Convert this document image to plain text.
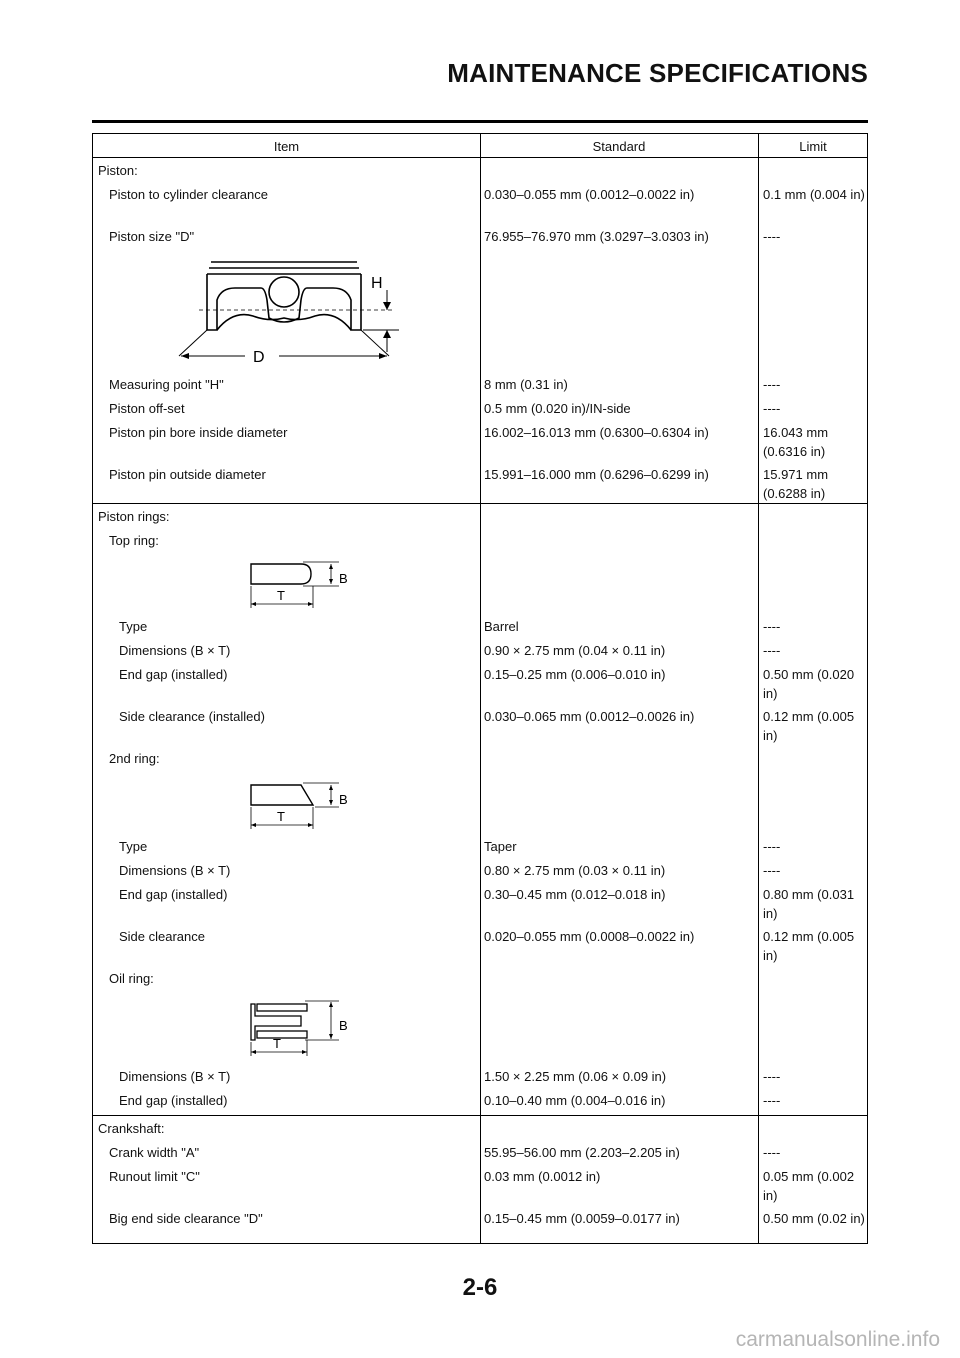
MAINTENANCE SPECIFICATIONS
Item	Standard	Limit
Piston:
Piston to cylinder clearance	0.030–0.055 mm (0.0012–0.0022 in)	0.1 mm (0.004 in)
Piston size "D"	76.955–76.970 mm (3.0297–3.0303 in)	----
H
D
Measuring point "H"	8 mm (0.31 in)	----
Piston off-set	0.5 mm (0.020 in)/IN-side	----
Piston pin bore inside diameter	16.002–16.013 mm (0.6300–0.6304 in)	16.043 mm (0.6316 in)
Piston pin outside diameter	15.991–16.000 mm (0.6296–0.6299 in)	15.971 mm (0.6288 in)
Piston rings:
Top ring:
B
T
Type	Barrel	----
Dimensions (B × T)	0.90 × 2.75 mm (0.04 × 0.11 in)	----
End gap (installed)	0.15–0.25 mm (0.006–0.010 in)	0.50 mm (0.020 in)
Side clearance (installed)	0.030–0.065 mm (0.0012–0.0026 in)	0.12 mm (0.005 in)
2nd ring:
B
T
Type	Taper	----
Dimensions (B × T)	0.80 × 2.75 mm (0.03 × 0.11 in)	----
End gap (installed)	0.30–0.45 mm (0.012–0.018 in)	0.80 mm (0.031 in)
Side clearance	0.020–0.055 mm (0.0008–0.0022 in)	0.12 mm (0.005 in)
Oil ring:
B
T
Dimensions (B × T)	1.50 × 2.25 mm (0.06 × 0.09 in)	----
End gap (installed)	0.10–0.40 mm (0.004–0.016 in)	----
Crankshaft:
Crank width "A"	55.95–56.00 mm (2.203–2.205 in)	----
Runout limit "C"	0.03 mm (0.0012 in)	0.05 mm (0.002 in)
Big end side clearance "D"	0.15–0.45 mm (0.0059–0.0177 in)	0.50 mm (0.02 in)
2-6
carmanualsonline.info
